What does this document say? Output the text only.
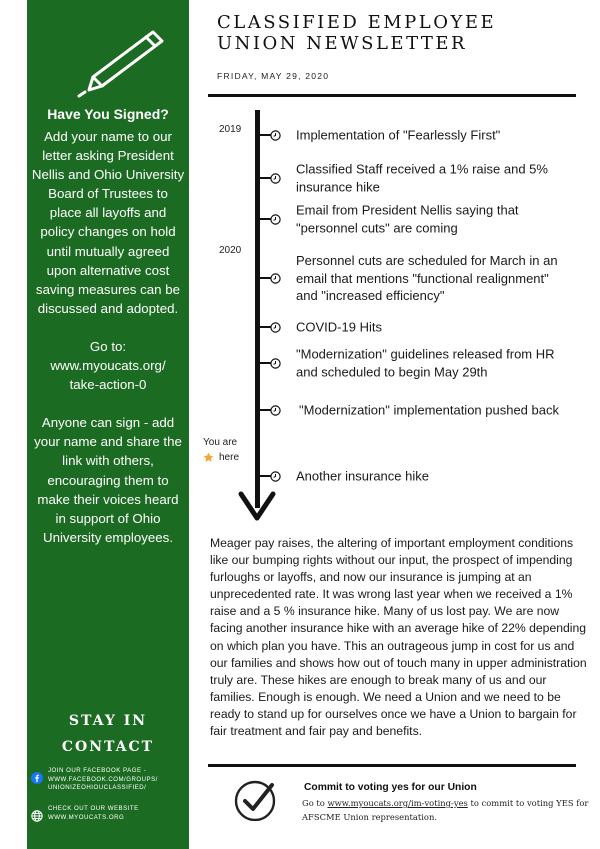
Have You Signed?
Add your name to our letter asking President Nellis and Ohio University Board of Trustees to place all layoffs and policy changes on hold until mutually agreed upon alternative cost saving measures can be discussed and adopted.
Go to:
www.myoucats.org/
take-action-0
Anyone can sign - add your name and share the link with others, encouraging them to make their voices heard in support of Ohio University employees.
STAY IN
CONTACT
JOIN OUR FACEBOOK PAGE -
WWW.FACEBOOK.COM/GROUPS/
UNIONIZEOHIOUCLASSIFIED/
CHECK OUT OUR WEBSITE
WWW.MYOUCATS.ORG
CLASSIFIED EMPLOYEE
UNION NEWSLETTER
FRIDAY, MAY 29, 2020
2019
2020
You are
here
Implementation of "Fearlessly First"
Classified Staff received a 1% raise and 5% insurance hike
Email from President Nellis saying that "personnel cuts" are coming
Personnel cuts are scheduled for March in an email that mentions "functional realignment" and "increased efficiency"
COVID-19 Hits
"Modernization" guidelines released from HR and scheduled to begin May 29th
"Modernization" implementation pushed back
Another insurance hike
Meager pay raises, the altering of important employment conditions like our bumping rights without our input, the prospect of impending furloughs or layoffs, and now our insurance is jumping at an unprecedented rate. It was wrong last year when we received a 1% raise and a 5 % insurance hike. Many of us lost pay. We are now facing another insurance hike with an average hike of 22% depending on which plan you have. This an outrageous jump in cost for us and our families and shows how out of touch many in upper administration truly are. These hikes are enough to break many of us and our families. Enough is enough. We need a Union and we need to be ready to stand up for ourselves once we have a Union to bargain for fair treatment and fair pay and benefits.
Commit to voting yes for our Union
Go to www.myoucats.org/im-voting-yes to commit to voting YES for AFSCME Union representation.
